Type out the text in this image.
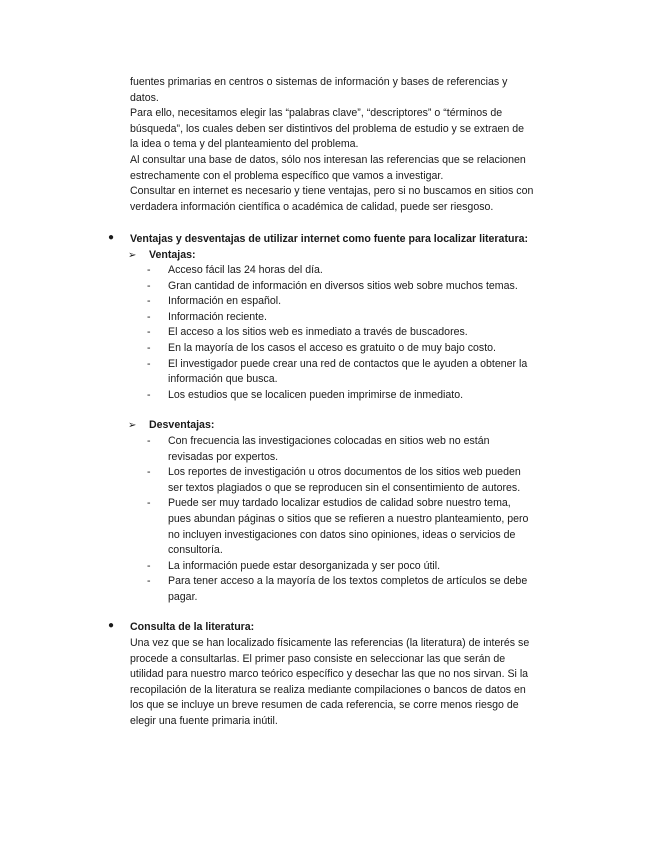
fuentes primarias en centros o sistemas de información y bases de referencias y
datos.
Para ello, necesitamos elegir las “palabras clave”, “descriptores” o “términos de
búsqueda”, los cuales deben ser distintivos del problema de estudio y se extraen de
la idea o tema y del planteamiento del problema.
Al consultar una base de datos, sólo nos interesan las referencias que se relacionen
estrechamente con el problema específico que vamos a investigar.
Consultar en internet es necesario y tiene ventajas, pero si no buscamos en sitios con
verdadera información científica o académica de calidad, puede ser riesgoso.
● Ventajas y desventajas de utilizar internet como fuente para localizar literatura:
➢ Ventajas:
- Acceso fácil las 24 horas del día.
- Gran cantidad de información en diversos sitios web sobre muchos temas.
- Información en español.
- Información reciente.
- El acceso a los sitios web es inmediato a través de buscadores.
- En la mayoría de los casos el acceso es gratuito o de muy bajo costo.
- El investigador puede crear una red de contactos que le ayuden a obtener la
información que busca.
- Los estudios que se localicen pueden imprimirse de inmediato.
➢ Desventajas:
- Con frecuencia las investigaciones colocadas en sitios web no están
revisadas por expertos.
- Los reportes de investigación u otros documentos de los sitios web pueden
ser textos plagiados o que se reproducen sin el consentimiento de autores.
- Puede ser muy tardado localizar estudios de calidad sobre nuestro tema,
pues abundan páginas o sitios que se refieren a nuestro planteamiento, pero
no incluyen investigaciones con datos sino opiniones, ideas o servicios de
consultoría.
- La información puede estar desorganizada y ser poco útil.
- Para tener acceso a la mayoría de los textos completos de artículos se debe
pagar.
● Consulta de la literatura:
Una vez que se han localizado físicamente las referencias (la literatura) de interés se
procede a consultarlas. El primer paso consiste en seleccionar las que serán de
utilidad para nuestro marco teórico específico y desechar las que no nos sirvan. Si la
recopilación de la literatura se realiza mediante compilaciones o bancos de datos en
los que se incluye un breve resumen de cada referencia, se corre menos riesgo de
elegir una fuente primaria inútil.
